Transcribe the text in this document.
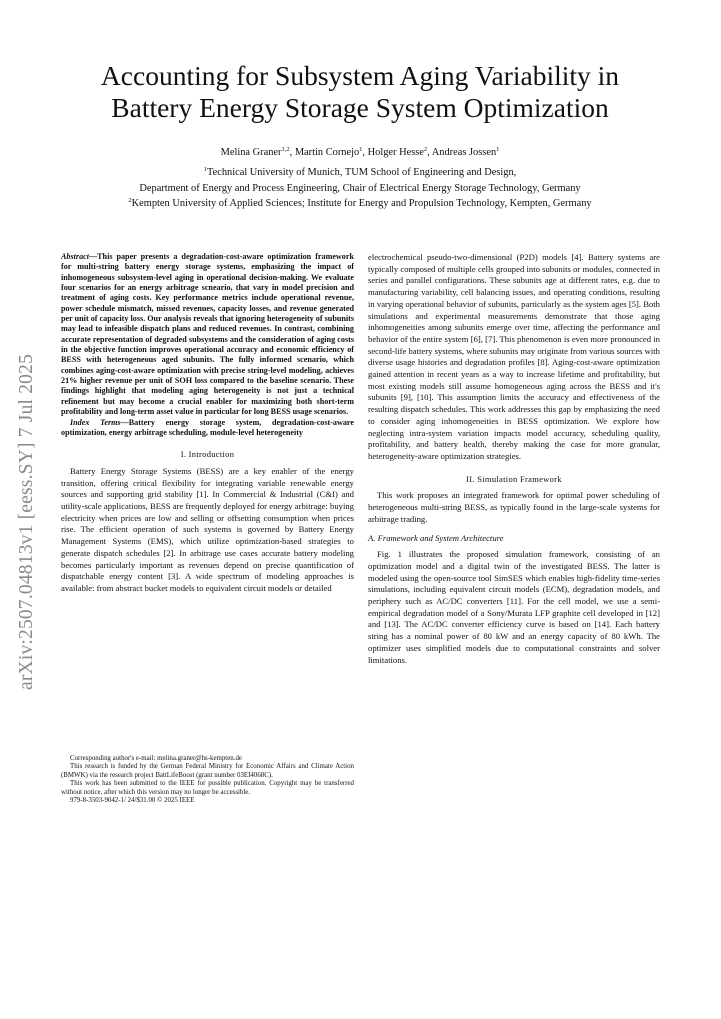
arXiv:2507.04813v1 [eess.SY] 7 Jul 2025
Accounting for Subsystem Aging Variability in
Battery Energy Storage System Optimization
Melina Graner$^{1,2}$, Martin Cornejo$^1$, Holger Hesse$^2$, Andreas Jossen$^1$
$^1$Technical University of Munich, TUM School of Engineering and Design,
Department of Energy and Process Engineering, Chair of Electrical Energy Storage Technology, Germany
$^2$Kempten University of Applied Sciences; Institute for Energy and Propulsion Technology, Kempten, Germany

Abstract—This paper presents a degradation-cost-aware optimization framework for multi-string battery energy storage systems, emphasizing the impact of inhomogeneous subsystem-level aging in operational decision-making. We evaluate four scenarios for an energy arbitrage scneario, that vary in model precision and treatment of aging costs. Key performance metrics include operational revenue, power schedule mismatch, missed revenues, capacity losses, and revenue generated per unit of capacity loss. Our analysis reveals that ignoring heterogeneity of subunits may lead to infeasible dispatch plans and reduced revenues. In contrast, combining accurate representation of degraded subsystems and the consideration of aging costs in the objective function improves operational accuracy and economic efficiency of BESS with heterogeneous aged subunits. The fully informed scenario, which combines aging-cost-aware optimization with precise string-level modeling, achieves 21% higher revenue per unit of SOH loss compared to the baseline scenario. These findings highlight that modeling aging heterogeneity is not just a technical refinement but may become a crucial enabler for maximizing both short-term profitability and long-term asset value in particular for long BESS usage scenarios.

Index Terms—Battery energy storage system, degradation-cost-aware optimization, energy arbitrage scheduling, module-level heterogeneity

I. Introduction

Battery Energy Storage Systems (BESS) are a key enabler of the energy transition, offering critical flexibility for integrating variable renewable energy sources and supporting grid stability [1]. In Commercial & Industrial (C&I) and utility-scale applications, BESS are frequently deployed for energy arbitrage: buying electricity when prices are low and selling or offsetting consumption when prices rise. The efficient operation of such systems is governed by Battery Energy Management Systems (EMS), which utilize optimization-based strategies to generate dispatch schedules [2]. In arbitrage use cases accurate battery modeling becomes particularly important as revenues depend on precise quantification of dispatchable energy content [3]. A wide spectrum of modeling approaches is available: from abstract bucket models to equivalent circuit models or detailed

Corresponding author's e-mail: melina.graner@hs-kempten.de

This research is funded by the German Federal Ministry for Economic Affairs and Climate Action (BMWK) via the research project BattLifeBoost (grant number 03EI4068C).

This work has been submitted to the IEEE for possible publication. Copyright may be transferred without notice, after which this version may no longer be accessible.

979-8-3503-9042-1/ 24/$31.00 © 2025 IEEE

electrochemical pseudo-two-dimensional (P2D) models [4]. Battery systems are typically composed of multiple cells grouped into subunits or modules, connected in series and parallel configurations. These subunits age at different rates, e.g. due to manufacturing variability, cell balancing issues, and operating conditions, resulting in varying operational behavior of subunits, particularly as the system ages [5]. Both simulations and experimental measurements demonstrate that those aging inhomogeneities among subunits emerge over time, affecting the performance and behavior of the entire system [6], [7]. This phenomenon is even more pronounced in second-life battery systems, where subunits may originate from various sources with diverse usage histories and degradation profiles [8]. Aging-cost-aware optimization gained attention in recent years as a way to increase lifetime and profitability, but most existing models still assume homogeneous aging across the BESS and it's subunits [9], [10]. This assumption limits the accuracy and effectiveness of the resulting dispatch schedules. This work addresses this gap by emphasizing the need to consider aging inhomogeneities in BESS optimization. We explore how neglecting intra-system variation impacts model accuracy, scheduling quality, profitability, and battery health, thereby making the case for more granular, heterogeneity-aware optimization strategies.

II. Simulation Framework

This work proposes an integrated framework for optimal power scheduling of heterogeneous multi-string BESS, as typically found in the large-scale systems for arbitrage trading.

A. Framework and System Architecture

Fig. 1 illustrates the proposed simulation framework, consisting of an optimization model and a digital twin of the investigated BESS. The latter is modeled using the open-source tool SimSES which enables high-fidelity time-series simulations, including equivalent circuit models (ECM), degradation models, and periphery such as AC/DC converters [11]. For the cell model, we use a semi-empirical degradation model of a Sony/Murata LFP graphite cell developed in [12] and [13]. The AC/DC converter efficiency curve is based on [14]. Each battery string has a nominal power of 80 kW and an energy capacity of 80 kWh. The optimizer uses simplified models due to computational constraints and solver limitations.
